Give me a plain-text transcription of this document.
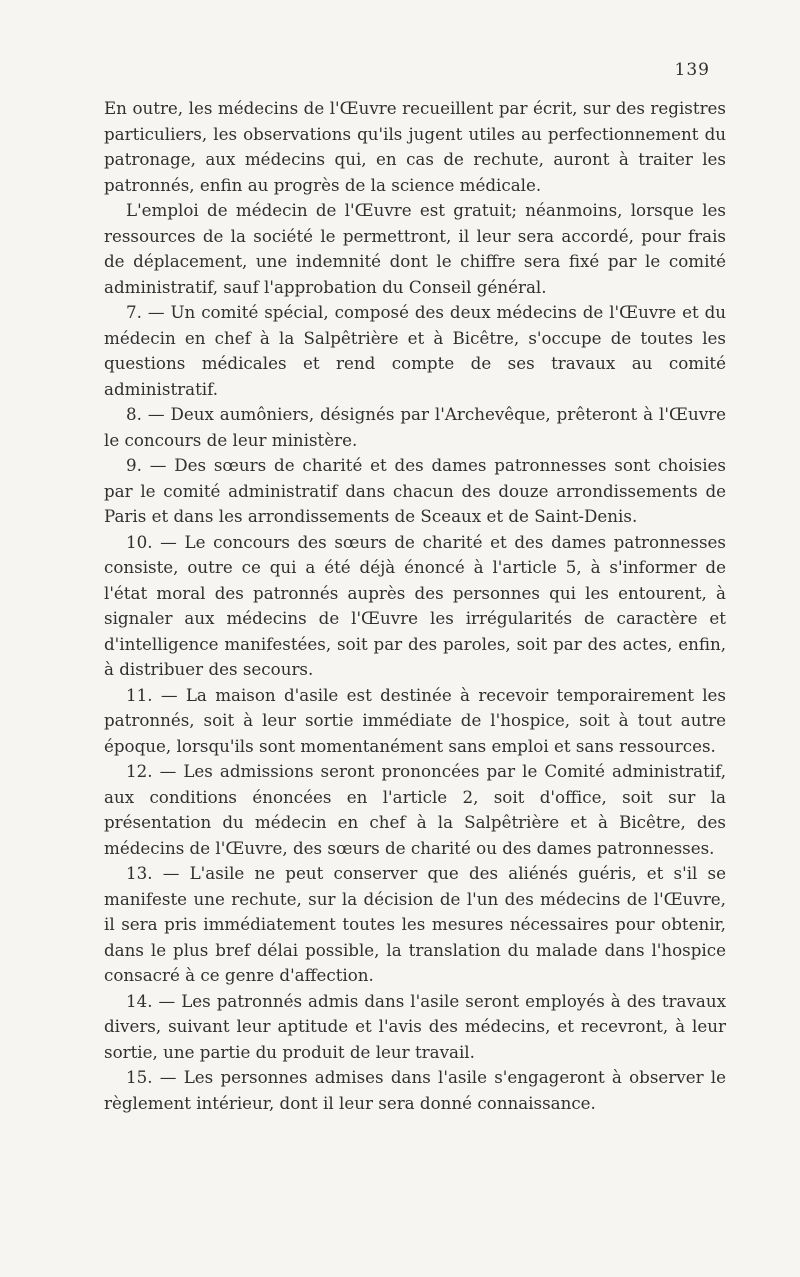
139

En outre, les médecins de l'Œuvre recueillent par écrit, sur des registres particuliers, les observations qu'ils jugent utiles au perfectionnement du patronage, aux médecins qui, en cas de rechute, auront à traiter les patronnés, enfin au progrès de la science médicale.

L'emploi de médecin de l'Œuvre est gratuit; néanmoins, lorsque les ressources de la société le permettront, il leur sera accordé, pour frais de déplacement, une indemnité dont le chiffre sera fixé par le comité administratif, sauf l'approbation du Conseil général.

7. — Un comité spécial, composé des deux médecins de l'Œuvre et du médecin en chef à la Salpêtrière et à Bicêtre, s'occupe de toutes les questions médicales et rend compte de ses travaux au comité administratif.

8. — Deux aumôniers, désignés par l'Archevêque, prêteront à l'Œuvre le concours de leur ministère.

9. — Des sœurs de charité et des dames patronnesses sont choisies par le comité administratif dans chacun des douze arrondissements de Paris et dans les arrondissements de Sceaux et de Saint-Denis.

10. — Le concours des sœurs de charité et des dames patronnesses consiste, outre ce qui a été déjà énoncé à l'article 5, à s'informer de l'état moral des patronnés auprès des personnes qui les entourent, à signaler aux médecins de l'Œuvre les irrégularités de caractère et d'intelligence manifestées, soit par des paroles, soit par des actes, enfin, à distribuer des secours.

11. — La maison d'asile est destinée à recevoir temporairement les patronnés, soit à leur sortie immédiate de l'hospice, soit à tout autre époque, lorsqu'ils sont momentanément sans emploi et sans ressources.

12. — Les admissions seront prononcées par le Comité administratif, aux conditions énoncées en l'article 2, soit d'office, soit sur la présentation du médecin en chef à la Salpêtrière et à Bicêtre, des médecins de l'Œuvre, des sœurs de charité ou des dames patronnesses.

13. — L'asile ne peut conserver que des aliénés guéris, et s'il se manifeste une rechute, sur la décision de l'un des médecins de l'Œuvre, il sera pris immédiatement toutes les mesures nécessaires pour obtenir, dans le plus bref délai possible, la translation du malade dans l'hospice consacré à ce genre d'affection.

14. — Les patronnés admis dans l'asile seront employés à des travaux divers, suivant leur aptitude et l'avis des médecins, et recevront, à leur sortie, une partie du produit de leur travail.

15. — Les personnes admises dans l'asile s'engageront à observer le règlement intérieur, dont il leur sera donné connaissance.
